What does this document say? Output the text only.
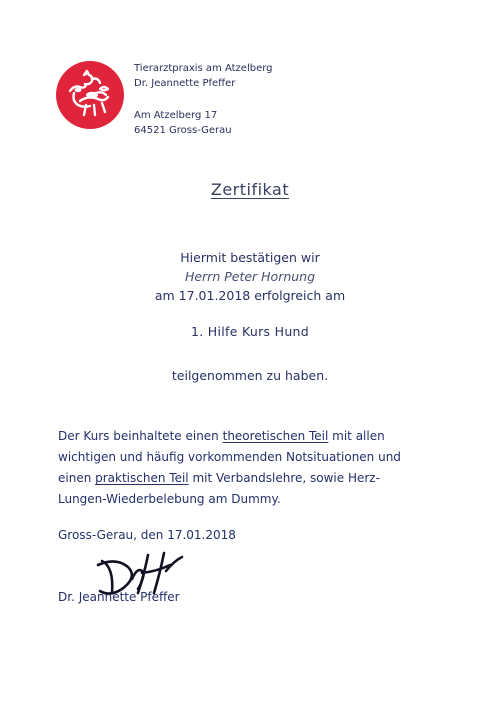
Tierarztpraxis am Atzelberg
Dr. Jeannette Pfeffer
Am Atzelberg 17
64521 Gross-Gerau
Zertifikat
Hiermit bestätigen wir
Herrn Peter Hornung
am 17.01.2018 erfolgreich am
1. Hilfe Kurs Hund
teilgenommen zu haben.
Der Kurs beinhaltete einen theoretischen Teil mit allen wichtigen und häufig vorkommenden Notsituationen und einen praktischen Teil mit Verbandslehre, sowie Herz-Lungen-Wiederbelebung am Dummy.
Gross-Gerau, den 17.01.2018
Dr. Jeannette Pfeffer
